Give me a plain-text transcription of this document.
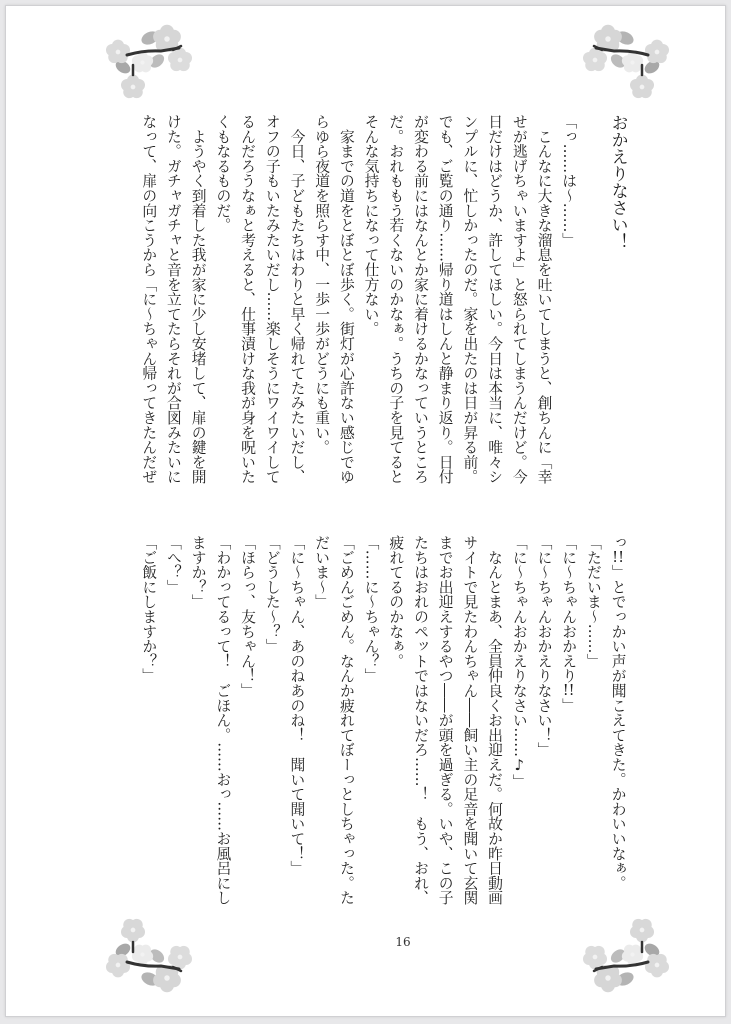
おかえりなさい！

「っ……は〜……」

　こんなに大きな溜息を吐いてしまうと、創ちんに「幸

せが逃げちゃいますよ」と怒られてしまうんだけど。今

日だけはどうか、許してほしい。今日は本当に、唯々シ

ンプルに、忙しかったのだ。家を出たのは日が昇る前。

でも、ご覧の通り……帰り道はしんと静まり返り。日付

が変わる前にはなんとか家に着けるかなっていうところ

だ。おれももう若くないのかなぁ。うちの子を見てると

そんな気持ちになって仕方ない。

　家までの道をとぼとぼ歩く。街灯が心許ない感じでゆ

らゆら夜道を照らす中、一歩一歩がどうにも重い。

　今日、子どもたちはわりと早く帰れてたみたいだし、

オフの子もいたみたいだし……楽しそうにワイワイして

るんだろうなぁと考えると、仕事漬けな我が身を呪いた

くもなるものだ。

　ようやく到着した我が家に少し安堵して、扉の鍵を開

けた。ガチャガチャと音を立てたらそれが合図みたいに

なって、扉の向こうから「に〜ちゃん帰ってきたんだぜ

っ!!」とでっかい声が聞こえてきた。かわいいなぁ。

「ただいま〜……」

「に〜ちゃんおかえり!!」

「に〜ちゃんおかえりなさい！」

「に〜ちゃんおかえりなさい……♪」

　なんとまあ、全員仲良くお出迎えだ。何故か昨日動画

サイトで見たわんちゃん――飼い主の足音を聞いて玄関

までお出迎えするやつ――が頭を過ぎる。いや、この子

たちはおれのペットではないだろ……！　もう、おれ、

疲れてるのかなぁ。

「……に〜ちゃん？」

「ごめんごめん。なんか疲れてぼーっとしちゃった。た

だいま〜」

「に〜ちゃん、あのねあのね！　聞いて聞いて！」

「どうした〜？」

「ほらっ、友ちゃん！」

「わかってるって！　ごほん。……おっ……お風呂にし

ますか？」

「へ？」

「ご飯にしますか？」

16
